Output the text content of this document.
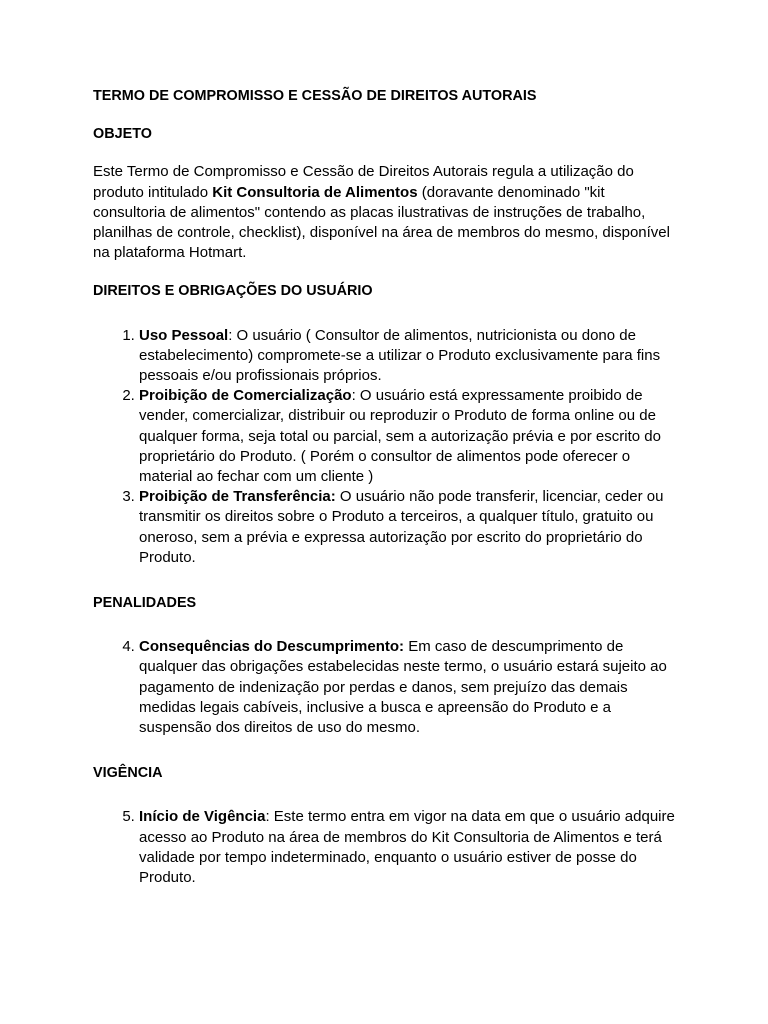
TERMO DE COMPROMISSO E CESSÃO DE DIREITOS AUTORAIS

OBJETO

Este Termo de Compromisso e Cessão de Direitos Autorais regula a utilização do produto intitulado Kit Consultoria de Alimentos (doravante denominado "kit consultoria de alimentos" contendo as placas ilustrativas de instruções de trabalho, planilhas de controle, checklist), disponível na área de membros do mesmo, disponível na plataforma Hotmart.

DIREITOS E OBRIGAÇÕES DO USUÁRIO

1. Uso Pessoal: O usuário ( Consultor de alimentos, nutricionista ou dono de estabelecimento) compromete-se a utilizar o Produto exclusivamente para fins pessoais e/ou profissionais próprios.
2. Proibição de Comercialização: O usuário está expressamente proibido de vender, comercializar, distribuir ou reproduzir o Produto de forma online ou de qualquer forma, seja total ou parcial, sem a autorização prévia e por escrito do proprietário do Produto. ( Porém o consultor de alimentos pode oferecer o material ao fechar com um cliente )
3. Proibição de Transferência: O usuário não pode transferir, licenciar, ceder ou transmitir os direitos sobre o Produto a terceiros, a qualquer título, gratuito ou oneroso, sem a prévia e expressa autorização por escrito do proprietário do Produto.

PENALIDADES

4. Consequências do Descumprimento: Em caso de descumprimento de qualquer das obrigações estabelecidas neste termo, o usuário estará sujeito ao pagamento de indenização por perdas e danos, sem prejuízo das demais medidas legais cabíveis, inclusive a busca e apreensão do Produto e a suspensão dos direitos de uso do mesmo.

VIGÊNCIA

5. Início de Vigência: Este termo entra em vigor na data em que o usuário adquire acesso ao Produto na área de membros do Kit Consultoria de Alimentos e terá validade por tempo indeterminado, enquanto o usuário estiver de posse do Produto.
